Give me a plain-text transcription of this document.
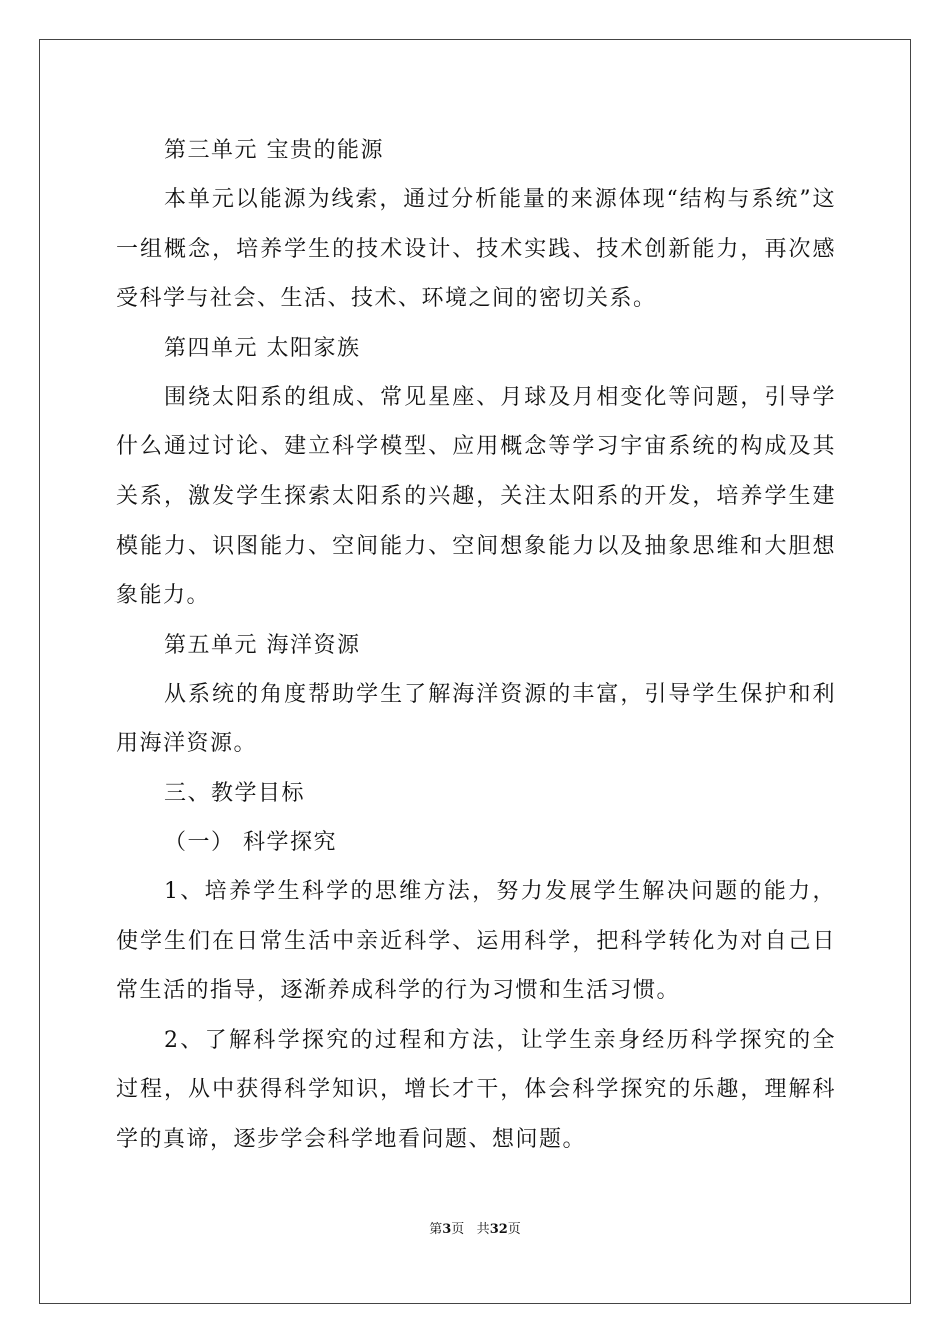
第三单元 宝贵的能源
本单元以能源为线索，通过分析能量的来源体现“结构与系统”这一组概念，培养学生的技术设计、技术实践、技术创新能力，再次感受科学与社会、生活、技术、环境之间的密切关系。
第四单元 太阳家族
围绕太阳系的组成、常见星座、月球及月相变化等问题，引导学什么通过讨论、建立科学模型、应用概念等学习宇宙系统的构成及其关系，激发学生探索太阳系的兴趣，关注太阳系的开发，培养学生建模能力、识图能力、空间能力、空间想象能力以及抽象思维和大胆想象能力。
第五单元 海洋资源
从系统的角度帮助学生了解海洋资源的丰富，引导学生保护和利用海洋资源。
三、教学目标
（一） 科学探究
1、培养学生科学的思维方法，努力发展学生解决问题的能力，使学生们在日常生活中亲近科学、运用科学，把科学转化为对自己日常生活的指导，逐渐养成科学的行为习惯和生活习惯。
2、了解科学探究的过程和方法，让学生亲身经历科学探究的全过程，从中获得科学知识，增长才干，体会科学探究的乐趣，理解科学的真谛，逐步学会科学地看问题、想问题。
第3页 共32页
